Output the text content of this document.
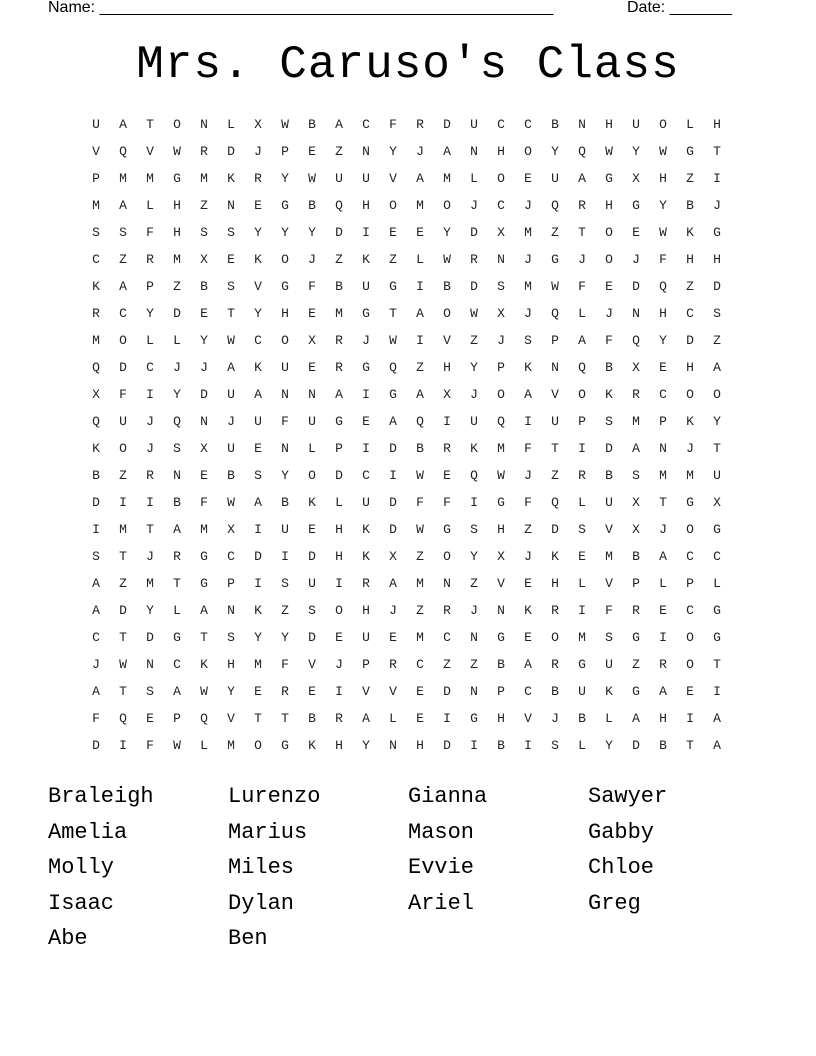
Name: ___________________________________________________	Date: _______
Mrs. Caruso's Class
U	A	T	O	N	L	X	W	B	A	C	F	R	D	U	C	C	B	N	H	U	O	L	H
V	Q	V	W	R	D	J	P	E	Z	N	Y	J	A	N	H	O	Y	Q	W	Y	W	G	T
P	M	M	G	M	K	R	Y	W	U	U	V	A	M	L	O	E	U	A	G	X	H	Z	I
M	A	L	H	Z	N	E	G	B	Q	H	O	M	O	J	C	J	Q	R	H	G	Y	B	J
S	S	F	H	S	S	Y	Y	Y	D	I	E	E	Y	D	X	M	Z	T	O	E	W	K	G
C	Z	R	M	X	E	K	O	J	Z	K	Z	L	W	R	N	J	G	J	O	J	F	H	H
K	A	P	Z	B	S	V	G	F	B	U	G	I	B	D	S	M	W	F	E	D	Q	Z	D
R	C	Y	D	E	T	Y	H	E	M	G	T	A	O	W	X	J	Q	L	J	N	H	C	S
M	O	L	L	Y	W	C	O	X	R	J	W	I	V	Z	J	S	P	A	F	Q	Y	D	Z
Q	D	C	J	J	A	K	U	E	R	G	Q	Z	H	Y	P	K	N	Q	B	X	E	H	A
X	F	I	Y	D	U	A	N	N	A	I	G	A	X	J	O	A	V	O	K	R	C	O	O
Q	U	J	Q	N	J	U	F	U	G	E	A	Q	I	U	Q	I	U	P	S	M	P	K	Y
K	O	J	S	X	U	E	N	L	P	I	D	B	R	K	M	F	T	I	D	A	N	J	T
B	Z	R	N	E	B	S	Y	O	D	C	I	W	E	Q	W	J	Z	R	B	S	M	M	U
D	I	I	B	F	W	A	B	K	L	U	D	F	F	I	G	F	Q	L	U	X	T	G	X
I	M	T	A	M	X	I	U	E	H	K	D	W	G	S	H	Z	D	S	V	X	J	O	G
S	T	J	R	G	C	D	I	D	H	K	X	Z	O	Y	X	J	K	E	M	B	A	C	C
A	Z	M	T	G	P	I	S	U	I	R	A	M	N	Z	V	E	H	L	V	P	L	P	L
A	D	Y	L	A	N	K	Z	S	O	H	J	Z	R	J	N	K	R	I	F	R	E	C	G
C	T	D	G	T	S	Y	Y	D	E	U	E	M	C	N	G	E	O	M	S	G	I	O	G
J	W	N	C	K	H	M	F	V	J	P	R	C	Z	Z	B	A	R	G	U	Z	R	O	T
A	T	S	A	W	Y	E	R	E	I	V	V	E	D	N	P	C	B	U	K	G	A	E	I
F	Q	E	P	Q	V	T	T	B	R	A	L	E	I	G	H	V	J	B	L	A	H	I	A
D	I	F	W	L	M	O	G	K	H	Y	N	H	D	I	B	I	S	L	Y	D	B	T	A
Braleigh	Lurenzo	Gianna	Sawyer
Amelia	Marius	Mason	Gabby
Molly	Miles	Evvie	Chloe
Isaac	Dylan	Ariel	Greg
Abe	Ben
